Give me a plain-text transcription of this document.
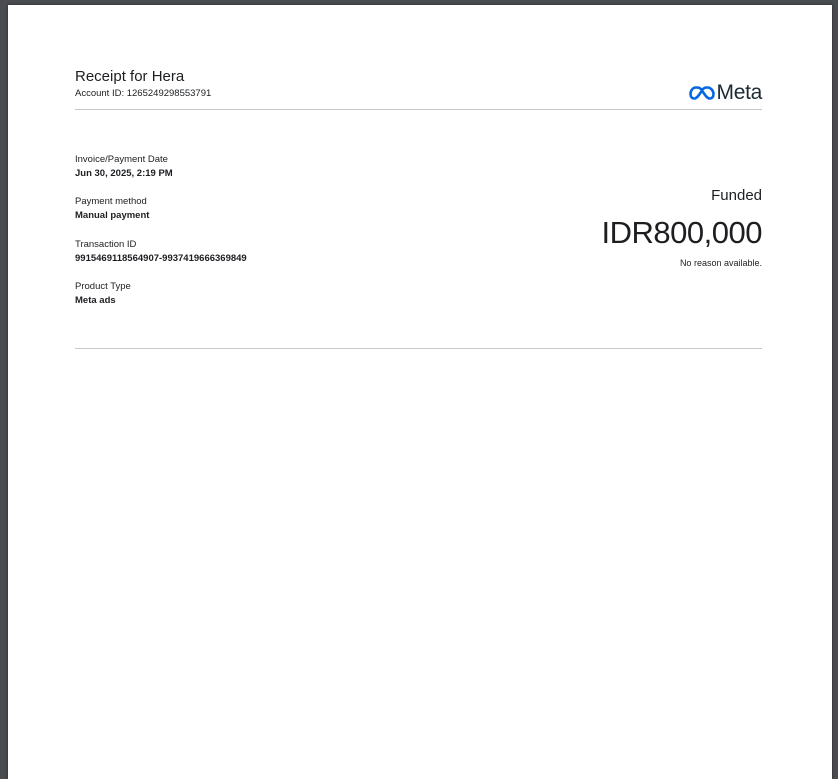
Receipt for Hera
Account ID: 1265249298553791	Meta
Invoice/Payment Date
Jun 30, 2025, 2:19 PM
Payment method
Manual payment
Transaction ID
9915469118564907-9937419666369849
Product Type
Meta ads
Funded
IDR800,000
No reason available.
